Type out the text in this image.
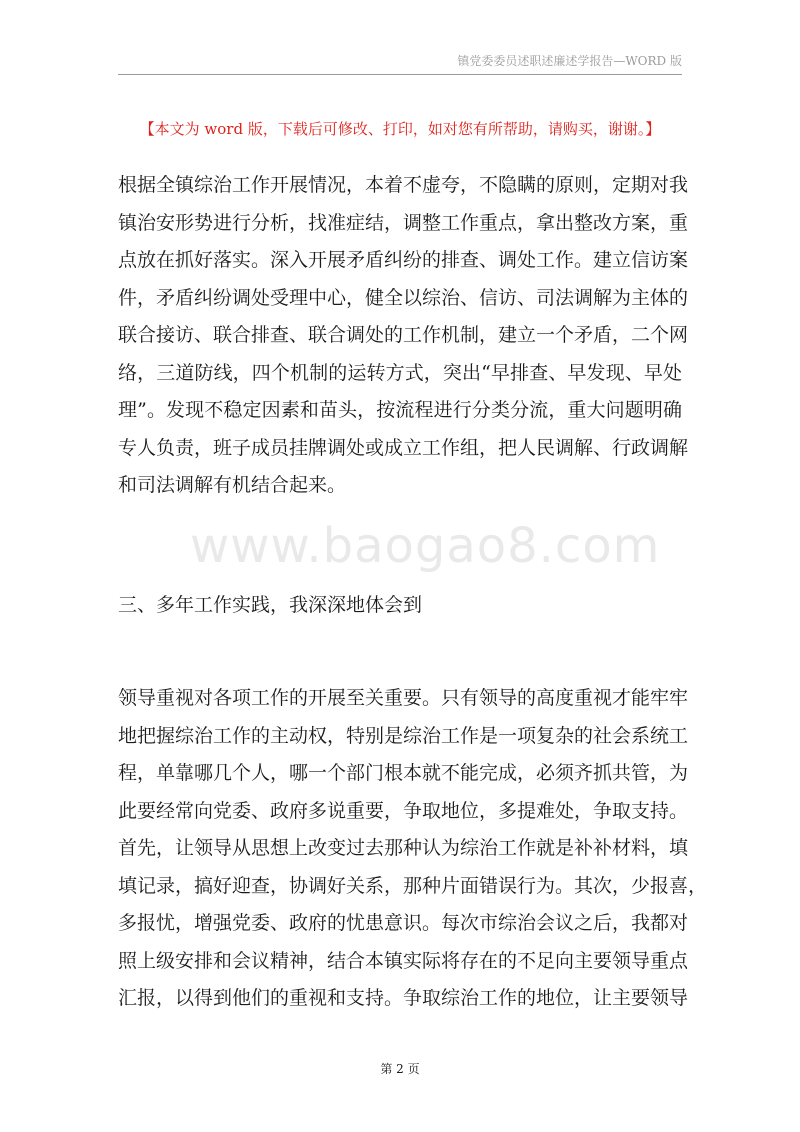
镇党委委员述职述廉述学报告—WORD 版
【本文为 word 版，下载后可修改、打印，如对您有所帮助，请购买，谢谢。】
根据全镇综治工作开展情况，本着不虚夸，不隐瞒的原则，定期对我
镇治安形势进行分析，找准症结，调整工作重点，拿出整改方案，重
点放在抓好落实。深入开展矛盾纠纷的排查、调处工作。建立信访案
件，矛盾纠纷调处受理中心，健全以综治、信访、司法调解为主体的
联合接访、联合排查、联合调处的工作机制，建立一个矛盾，二个网
络，三道防线，四个机制的运转方式，突出“早排查、早发现、早处
理”。发现不稳定因素和苗头，按流程进行分类分流，重大问题明确
专人负责，班子成员挂牌调处或成立工作组，把人民调解、行政调解
和司法调解有机结合起来。
www.baogao8.com
三、多年工作实践，我深深地体会到
领导重视对各项工作的开展至关重要。只有领导的高度重视才能牢牢
地把握综治工作的主动权，特别是综治工作是一项复杂的社会系统工
程，单靠哪几个人，哪一个部门根本就不能完成，必须齐抓共管，为
此要经常向党委、政府多说重要，争取地位，多提难处，争取支持。
首先，让领导从思想上改变过去那种认为综治工作就是补补材料，填
填记录，搞好迎查，协调好关系，那种片面错误行为。其次，少报喜，
多报忧，增强党委、政府的忧患意识。每次市综治会议之后，我都对
照上级安排和会议精神，结合本镇实际将存在的不足向主要领导重点
汇报，以得到他们的重视和支持。争取综治工作的地位，让主要领导
第 2 页
